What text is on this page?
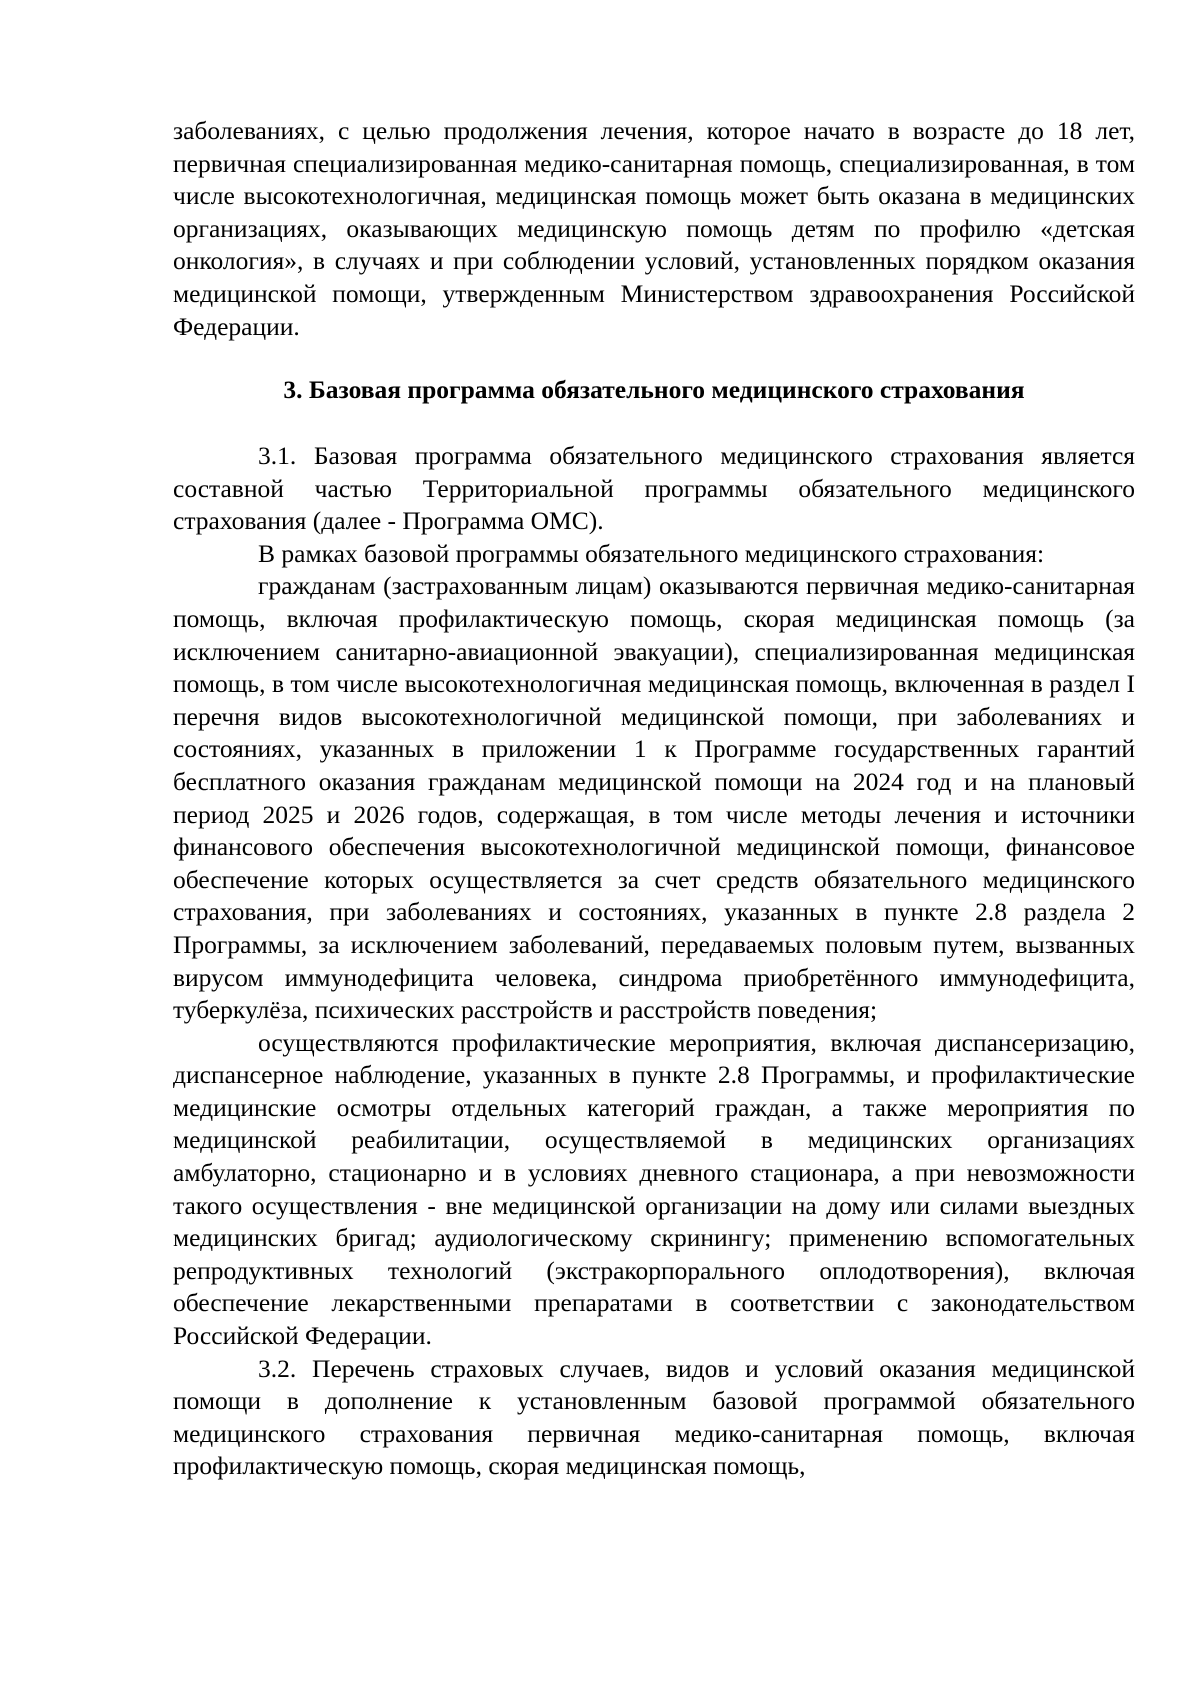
заболеваниях, с целью продолжения лечения, которое начато в возрасте до 18 лет, первичная специализированная медико-санитарная помощь, специализированная, в том числе высокотехнологичная, медицинская помощь может быть оказана в медицинских организациях, оказывающих медицинскую помощь детям по профилю «детская онкология», в случаях и при соблюдении условий, установленных порядком оказания медицинской помощи, утвержденным Министерством здравоохранения Российской Федерации.

3. Базовая программа обязательного медицинского страхования

3.1. Базовая программа обязательного медицинского страхования является составной частью Территориальной программы обязательного медицинского страхования (далее - Программа ОМС).

В рамках базовой программы обязательного медицинского страхования:

гражданам (застрахованным лицам) оказываются первичная медико-санитарная помощь, включая профилактическую помощь, скорая медицинская помощь (за исключением санитарно-авиационной эвакуации), специализированная медицинская помощь, в том числе высокотехнологичная медицинская помощь, включенная в раздел I перечня видов высокотехнологичной медицинской помощи, при заболеваниях и состояниях, указанных в приложении 1 к Программе государственных гарантий бесплатного оказания гражданам медицинской помощи на 2024 год и на плановый период 2025 и 2026 годов, содержащая, в том числе методы лечения и источники финансового обеспечения высокотехнологичной медицинской помощи, финансовое обеспечение которых осуществляется за счет средств обязательного медицинского страхования, при заболеваниях и состояниях, указанных в пункте 2.8 раздела 2 Программы, за исключением заболеваний, передаваемых половым путем, вызванных вирусом иммунодефицита человека, синдрома приобретённого иммунодефицита, туберкулёза, психических расстройств и расстройств поведения;

осуществляются профилактические мероприятия, включая диспансеризацию, диспансерное наблюдение, указанных в пункте 2.8 Программы, и профилактические медицинские осмотры отдельных категорий граждан, а также мероприятия по медицинской реабилитации, осуществляемой в медицинских организациях амбулаторно, стационарно и в условиях дневного стационара, а при невозможности такого осуществления - вне медицинской организации на дому или силами выездных медицинских бригад; аудиологическому скринингу; применению вспомогательных репродуктивных технологий (экстракорпорального оплодотворения), включая обеспечение лекарственными препаратами в соответствии с законодательством Российской Федерации.

3.2. Перечень страховых случаев, видов и условий оказания медицинской помощи в дополнение к установленным базовой программой обязательного медицинского страхования первичная медико-санитарная помощь, включая профилактическую помощь, скорая медицинская помощь,
